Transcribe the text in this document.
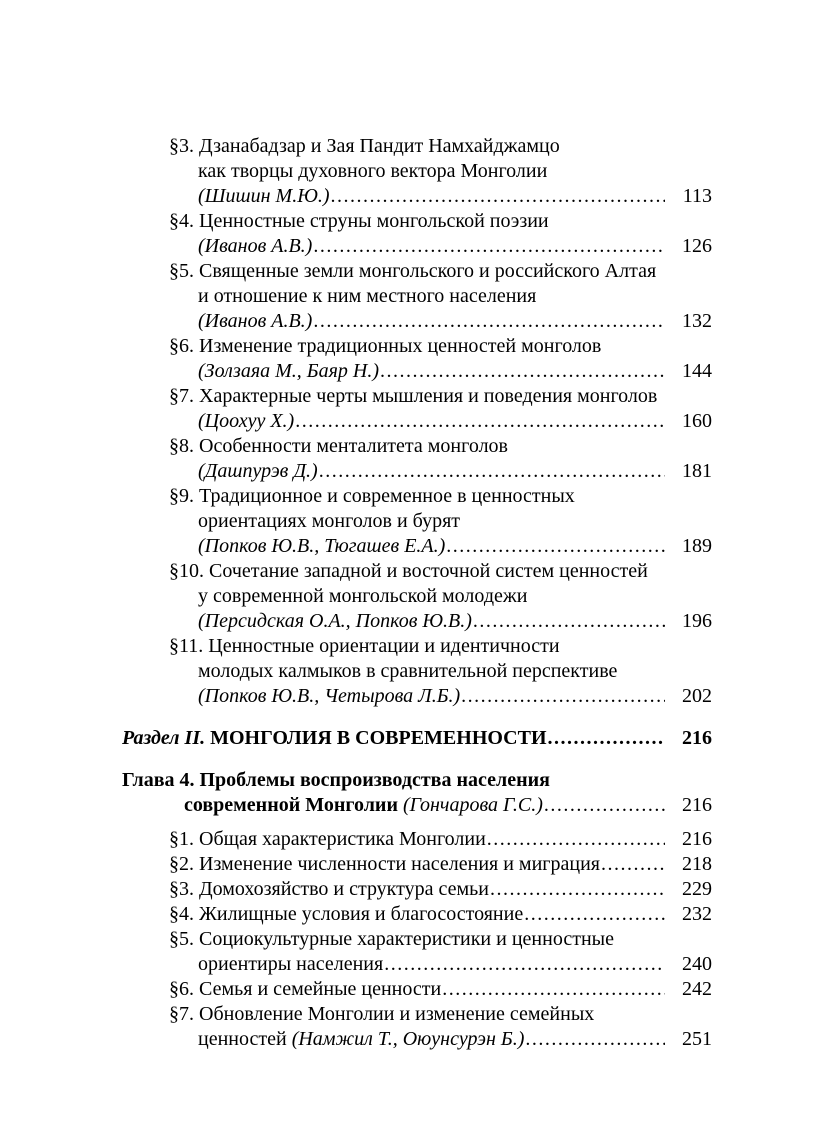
§3. Дзанабадзар и Зая Пандит Намхайджамцо
как творцы духовного вектора Монголии
(Шишин М.Ю.) .....	113
§4. Ценностные струны монгольской поэзии
(Иванов А.В.) .....	126
§5. Священные земли монгольского и российского Алтая
и отношение к ним местного населения
(Иванов А.В.) .....	132
§6. Изменение традиционных ценностей монголов
(Золзаяа М., Баяр Н.) .....	144
§7. Характерные черты мышления и поведения монголов
(Цоохуу Х.) .....	160
§8. Особенности менталитета монголов
(Дашпурэв Д.) .....	181
§9. Традиционное и современное в ценностных
ориентациях монголов и бурят
(Попков Ю.В., Тюгашев Е.А.) .....	189
§10. Сочетание западной и восточной систем ценностей
у современной монгольской молодежи
(Персидская О.А., Попков Ю.В.) .....	196
§11. Ценностные ориентации и идентичности
молодых калмыков в сравнительной перспективе
(Попков Ю.В., Четырова Л.Б.) .....	202
Раздел II. МОНГОЛИЯ В СОВРЕМЕННОСТИ .....	216
Глава 4. Проблемы воспроизводства населения
современной Монголии (Гончарова Г.С.) .....	216
§1. Общая характеристика Монголии .....	216
§2. Изменение численности населения и миграция .....	218
§3. Домохозяйство и структура семьи .....	229
§4. Жилищные условия и благосостояние .....	232
§5. Социокультурные характеристики и ценностные
ориентиры населения .....	240
§6. Семья и семейные ценности .....	242
§7. Обновление Монголии и изменение семейных
ценностей (Намжил Т., Оюунсурэн Б.) .....	251
